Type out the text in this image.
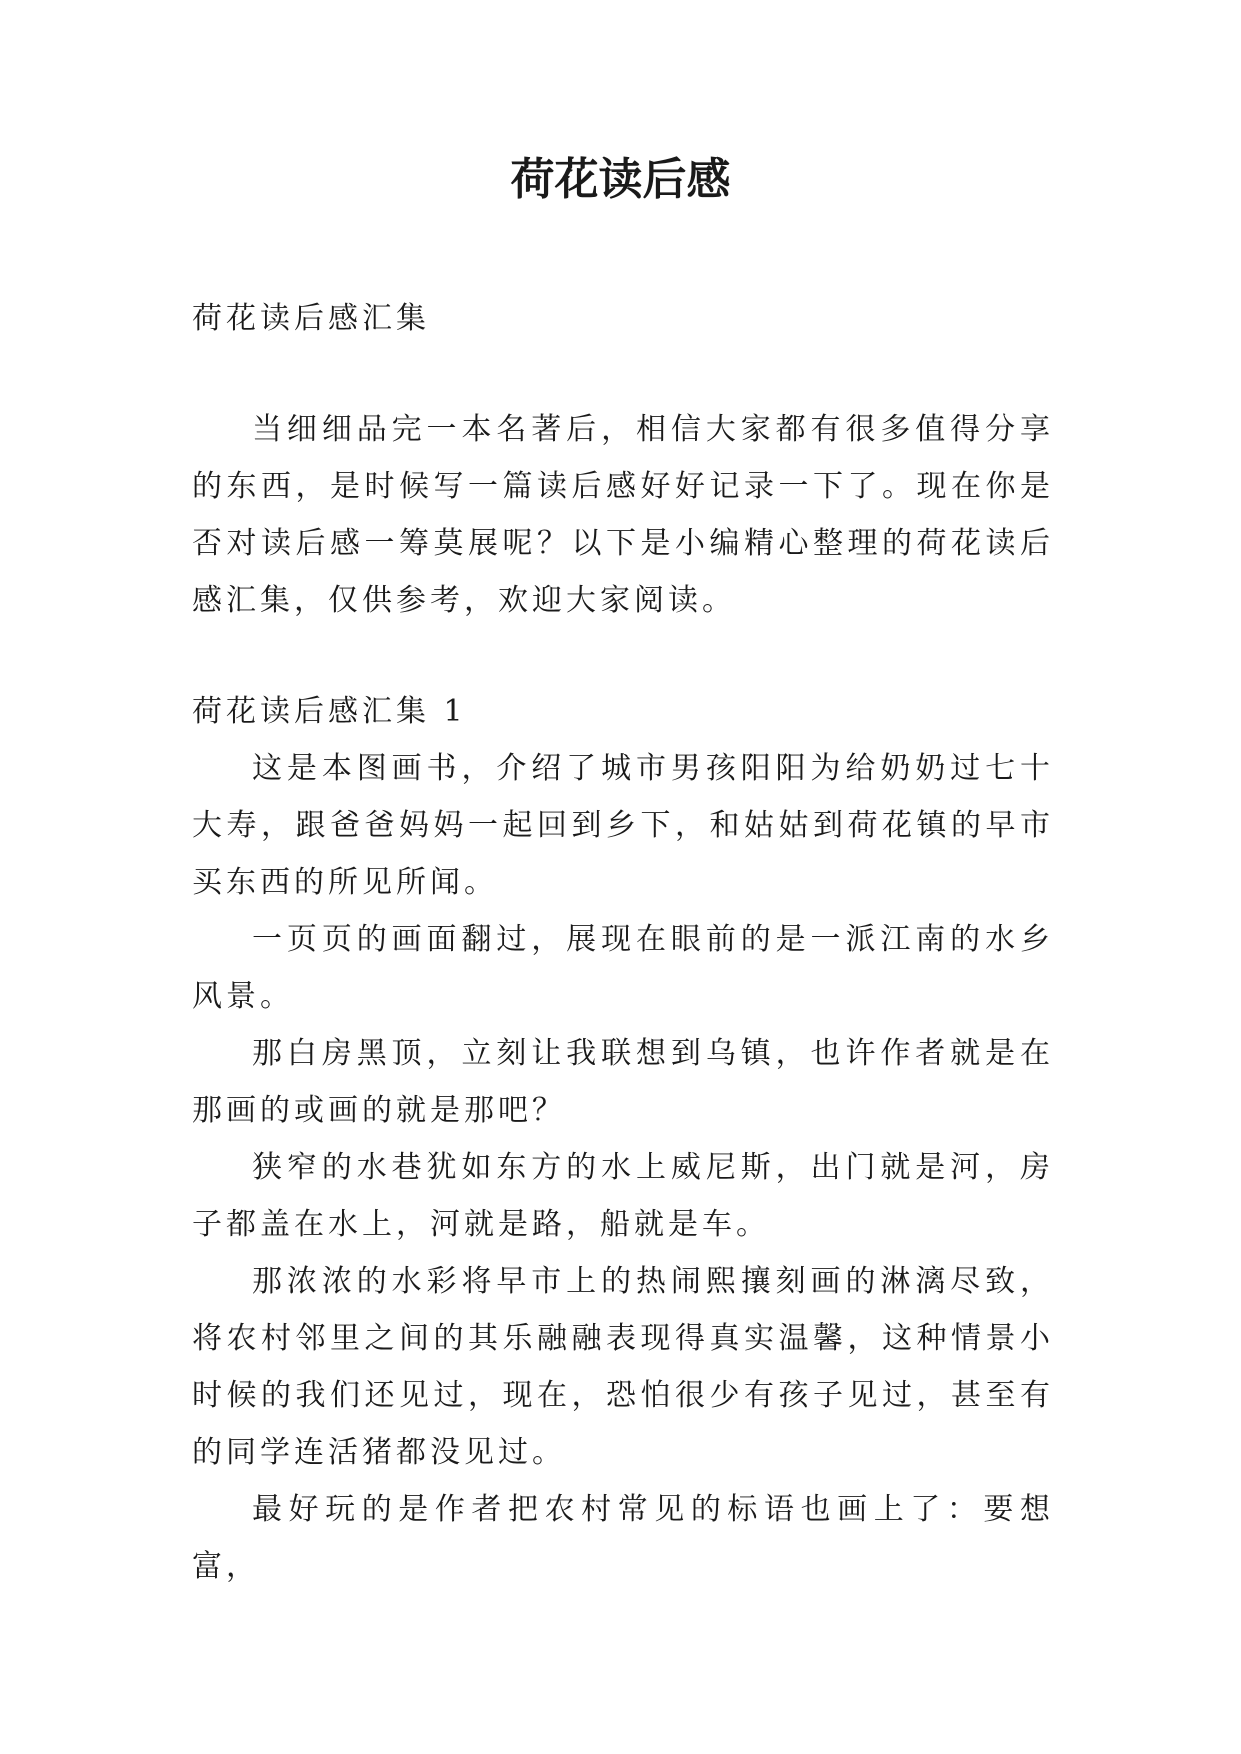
荷花读后感

荷花读后感汇集

当细细品完一本名著后，相信大家都有很多值得分享的东西，是时候写一篇读后感好好记录一下了。现在你是否对读后感一筹莫展呢？以下是小编精心整理的荷花读后感汇集，仅供参考，欢迎大家阅读。

荷花读后感汇集 1

这是本图画书，介绍了城市男孩阳阳为给奶奶过七十大寿，跟爸爸妈妈一起回到乡下，和姑姑到荷花镇的早市买东西的所见所闻。

一页页的画面翻过，展现在眼前的是一派江南的水乡风景。

那白房黑顶，立刻让我联想到乌镇，也许作者就是在那画的或画的就是那吧？

狭窄的水巷犹如东方的水上威尼斯，出门就是河，房子都盖在水上，河就是路，船就是车。

那浓浓的水彩将早市上的热闹熙攘刻画的淋漓尽致，将农村邻里之间的其乐融融表现得真实温馨，这种情景小时候的我们还见过，现在，恐怕很少有孩子见过，甚至有的同学连活猪都没见过。

最好玩的是作者把农村常见的标语也画上了：要想富，
